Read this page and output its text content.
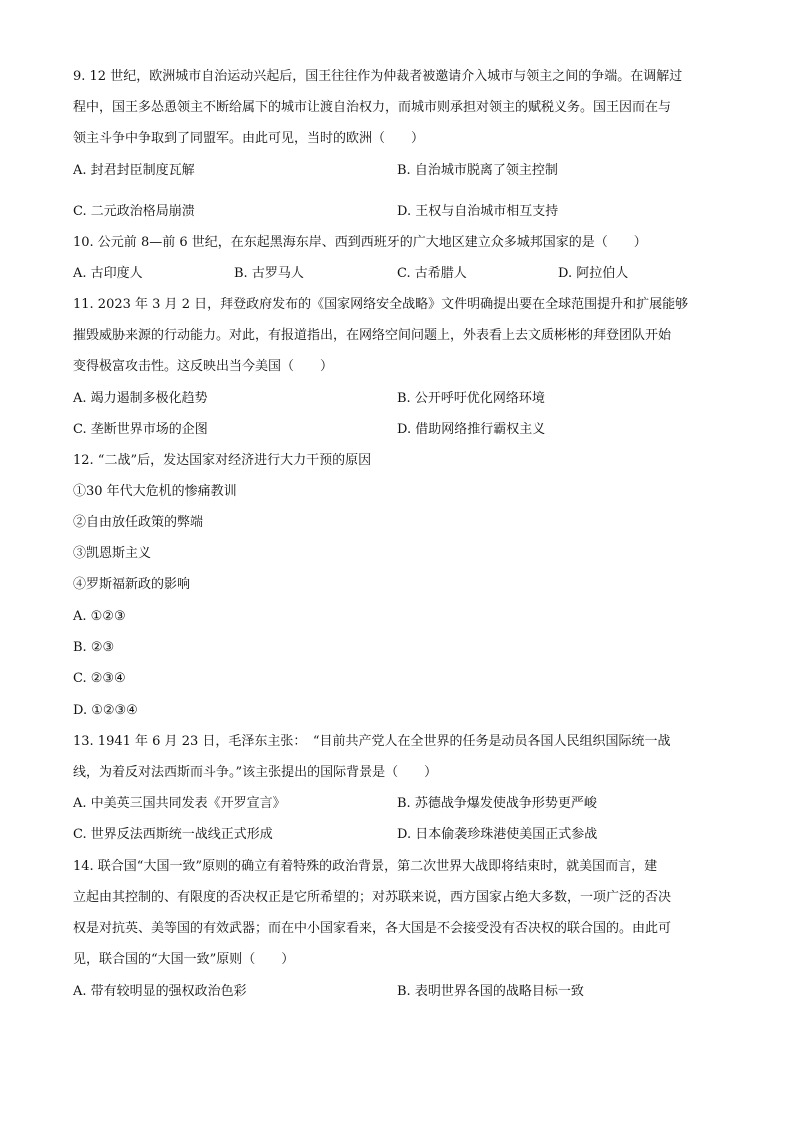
9. 12 世纪，欧洲城市自治运动兴起后，国王往往作为仲裁者被邀请介入城市与领主之间的争端。在调解过
程中，国王多怂恿领主不断给属下的城市让渡自治权力，而城市则承担对领主的赋税义务。国王因而在与
领主斗争中争取到了同盟军。由此可见，当时的欧洲（　　）
A. 封君封臣制度瓦解	B. 自治城市脱离了领主控制
C. 二元政治格局崩溃	D. 王权与自治城市相互支持
10. 公元前 8—前 6 世纪，在东起黑海东岸、西到西班牙的广大地区建立众多城邦国家的是（　　）
A. 古印度人	B. 古罗马人	C. 古希腊人	D. 阿拉伯人
11. 2023 年 3 月 2 日，拜登政府发布的《国家网络安全战略》文件明确提出要在全球范围提升和扩展能够
摧毁威胁来源的行动能力。对此，有报道指出，在网络空间问题上，外表看上去文质彬彬的拜登团队开始
变得极富攻击性。这反映出当今美国（　　）
A. 竭力遏制多极化趋势	B. 公开呼吁优化网络环境
C. 垄断世界市场的企图	D. 借助网络推行霸权主义
12. “二战”后，发达国家对经济进行大力干预的原因
①30 年代大危机的惨痛教训
②自由放任政策的弊端
③凯恩斯主义
④罗斯福新政的影响
A. ①②③
B. ②③
C. ②③④
D. ①②③④
13. 1941 年 6 月 23 日，毛泽东主张：　“目前共产党人在全世界的任务是动员各国人民组织国际统一战
线，为着反对法西斯而斗争。”该主张提出的国际背景是（　　）
A. 中美英三国共同发表《开罗宣言》	B. 苏德战争爆发使战争形势更严峻
C. 世界反法西斯统一战线正式形成	D. 日本偷袭珍珠港使美国正式参战
14. 联合国“大国一致”原则的确立有着特殊的政治背景，第二次世界大战即将结束时，就美国而言，建
立起由其控制的、有限度的否决权正是它所希望的；对苏联来说，西方国家占绝大多数，一项广泛的否决
权是对抗英、美等国的有效武器；而在中小国家看来，各大国是不会接受没有否决权的联合国的。由此可
见，联合国的“大国一致”原则（　　）
A. 带有较明显的强权政治色彩	B. 表明世界各国的战略目标一致
